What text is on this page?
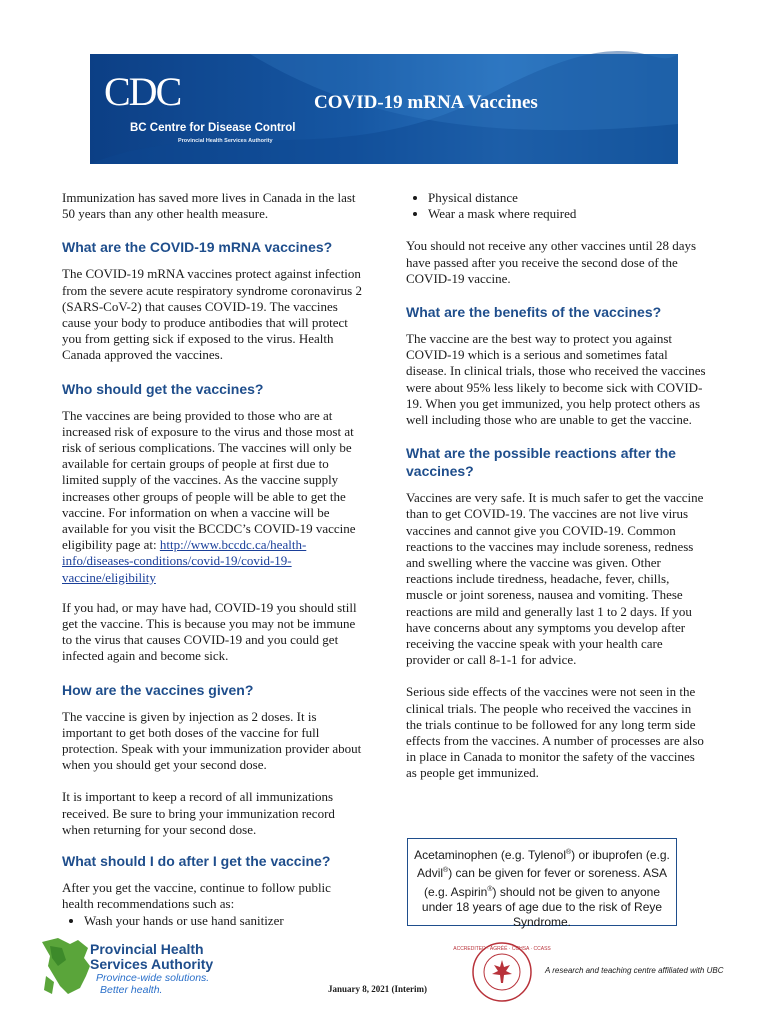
CDC
BC Centre for Disease Control
Provincial Health Services Authority
COVID-19 mRNA Vaccines

Immunization has saved more lives in Canada in the last 50 years than any other health measure.

What are the COVID-19 mRNA vaccines?

The COVID-19 mRNA vaccines protect against infection from the severe acute respiratory syndrome coronavirus 2 (SARS-CoV-2) that causes COVID-19. The vaccines cause your body to produce antibodies that will protect you from getting sick if exposed to the virus. Health Canada approved the vaccines.

Who should get the vaccines?

The vaccines are being provided to those who are at increased risk of exposure to the virus and those most at risk of serious complications. The vaccines will only be available for certain groups of people at first due to limited supply of the vaccines. As the vaccine supply increases other groups of people will be able to get the vaccine. For information on when a vaccine will be available for you visit the BCCDC’s COVID-19 vaccine eligibility page at: http://www.bccdc.ca/health-info/diseases-conditions/covid-19/covid-19-vaccine/eligibility

If you had, or may have had, COVID-19 you should still get the vaccine. This is because you may not be immune to the virus that causes COVID-19 and you could get infected again and become sick.

How are the vaccines given?

The vaccine is given by injection as 2 doses. It is important to get both doses of the vaccine for full protection. Speak with your immunization provider about when you should get your second dose.

It is important to keep a record of all immunizations received. Be sure to bring your immunization record when returning for your second dose.

What should I do after I get the vaccine?

After you get the vaccine, continue to follow public health recommendations such as:

• Wash your hands or use hand sanitizer
• Physical distance
• Wear a mask where required

You should not receive any other vaccines until 28 days have passed after you receive the second dose of the COVID-19 vaccine.

What are the benefits of the vaccines?

The vaccine are the best way to protect you against COVID-19 which is a serious and sometimes fatal disease. In clinical trials, those who received the vaccines were about 95% less likely to become sick with COVID-19. When you get immunized, you help protect others as well including those who are unable to get the vaccine.

What are the possible reactions after the vaccines?

Vaccines are very safe. It is much safer to get the vaccine than to get COVID-19. The vaccines are not live virus vaccines and cannot give you COVID-19. Common reactions to the vaccines may include soreness, redness and swelling where the vaccine was given. Other reactions include tiredness, headache, fever, chills, muscle or joint soreness, nausea and vomiting. These reactions are mild and generally last 1 to 2 days. If you have concerns about any symptoms you develop after receiving the vaccine speak with your health care provider or call 8-1-1 for advice.

Serious side effects of the vaccines were not seen in the clinical trials. The people who received the vaccines in the trials continue to be followed for any long term side effects from the vaccines. A number of processes are also in place in Canada to monitor the safety of the vaccines as people get immunized.

Acetaminophen (e.g. Tylenol®) or ibuprofen (e.g. Advil®) can be given for fever or soreness. ASA (e.g. Aspirin®) should not be given to anyone under 18 years of age due to the risk of Reye Syndrome.
Provincial Health
Services Authority
Province-wide solutions.
Better health.	January 8, 2021 (Interim)
ACCREDITED · AGRÉÉ · CCHSA · CCASS
A research and teaching centre affiliated with UBC
